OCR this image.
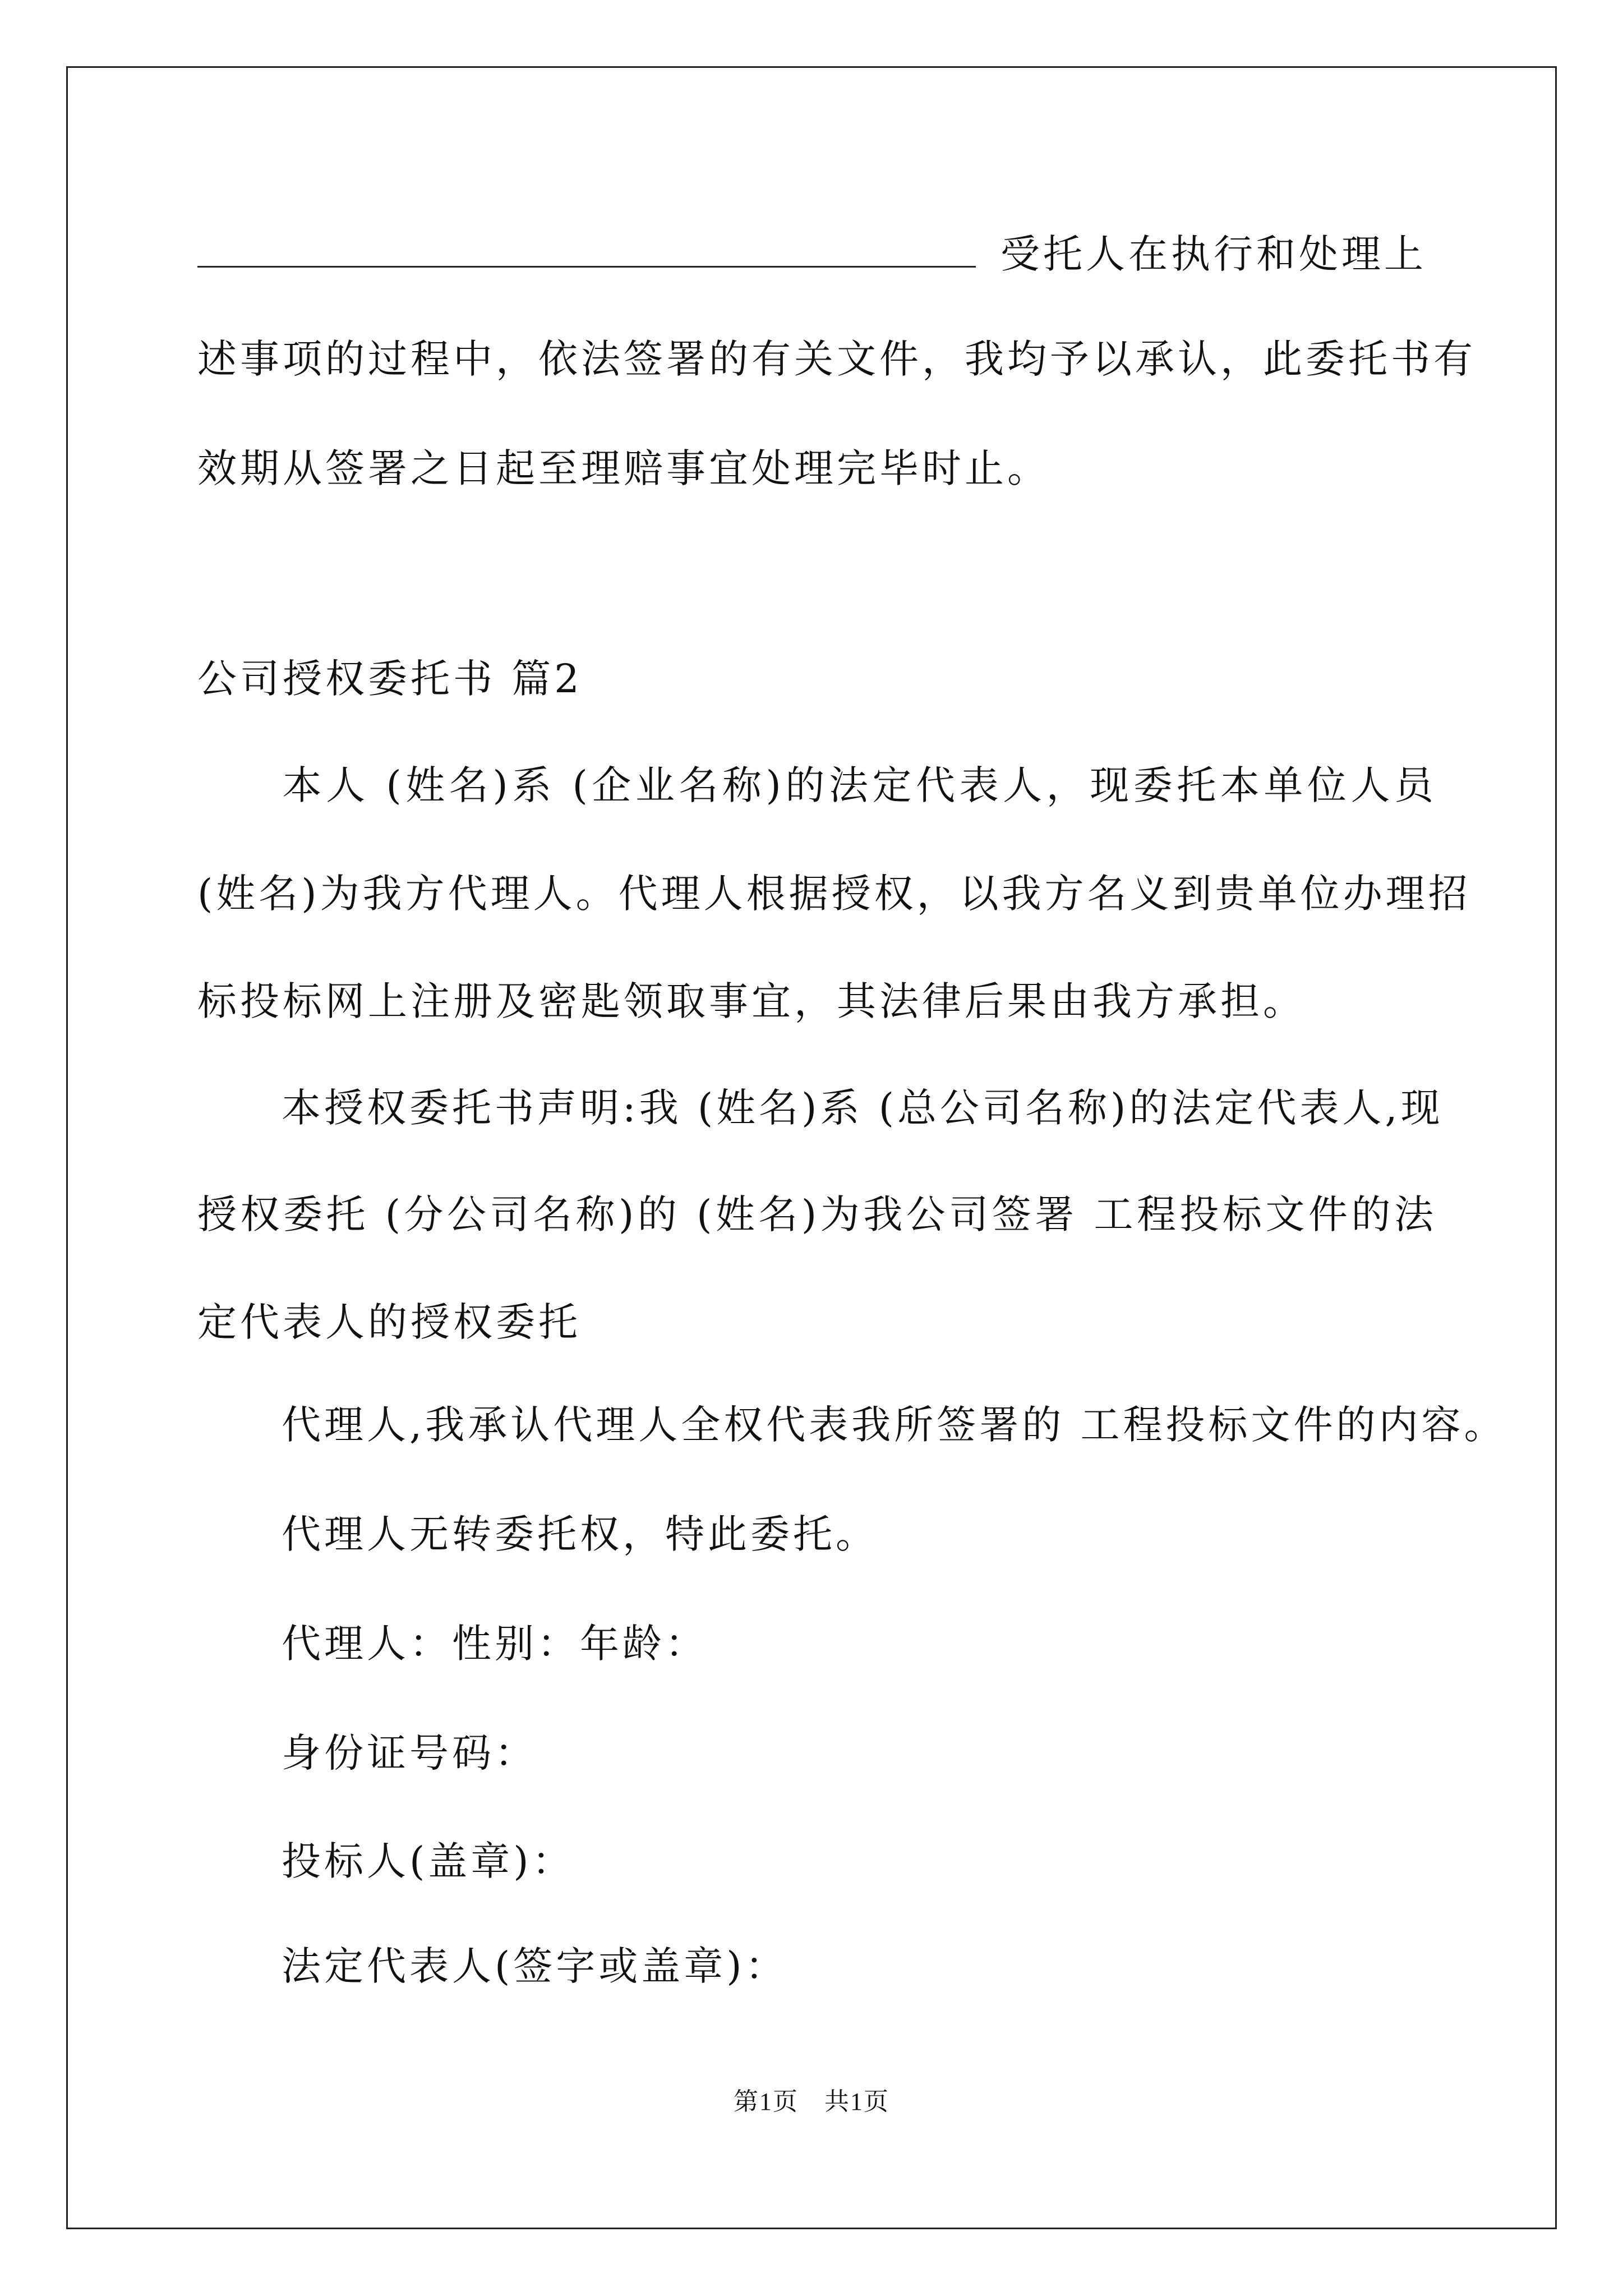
受托人在执行和处理上
述事项的过程中，依法签署的有关文件，我均予以承认，此委托书有
效期从签署之日起至理赔事宜处理完毕时止。
公司授权委托书 篇2
本人 (姓名)系 (企业名称)的法定代表人，现委托本单位人员
(姓名)为我方代理人。代理人根据授权，以我方名义到贵单位办理招
标投标网上注册及密匙领取事宜，其法律后果由我方承担。
本授权委托书声明:我 (姓名)系 (总公司名称)的法定代表人,现
授权委托 (分公司名称)的 (姓名)为我公司签署 工程投标文件的法
定代表人的授权委托
代理人,我承认代理人全权代表我所签署的 工程投标文件的内容。
代理人无转委托权，特此委托。
代理人：性别：年龄：
身份证号码：
投标人(盖章)：
法定代表人(签字或盖章)：
第1页　共1页
